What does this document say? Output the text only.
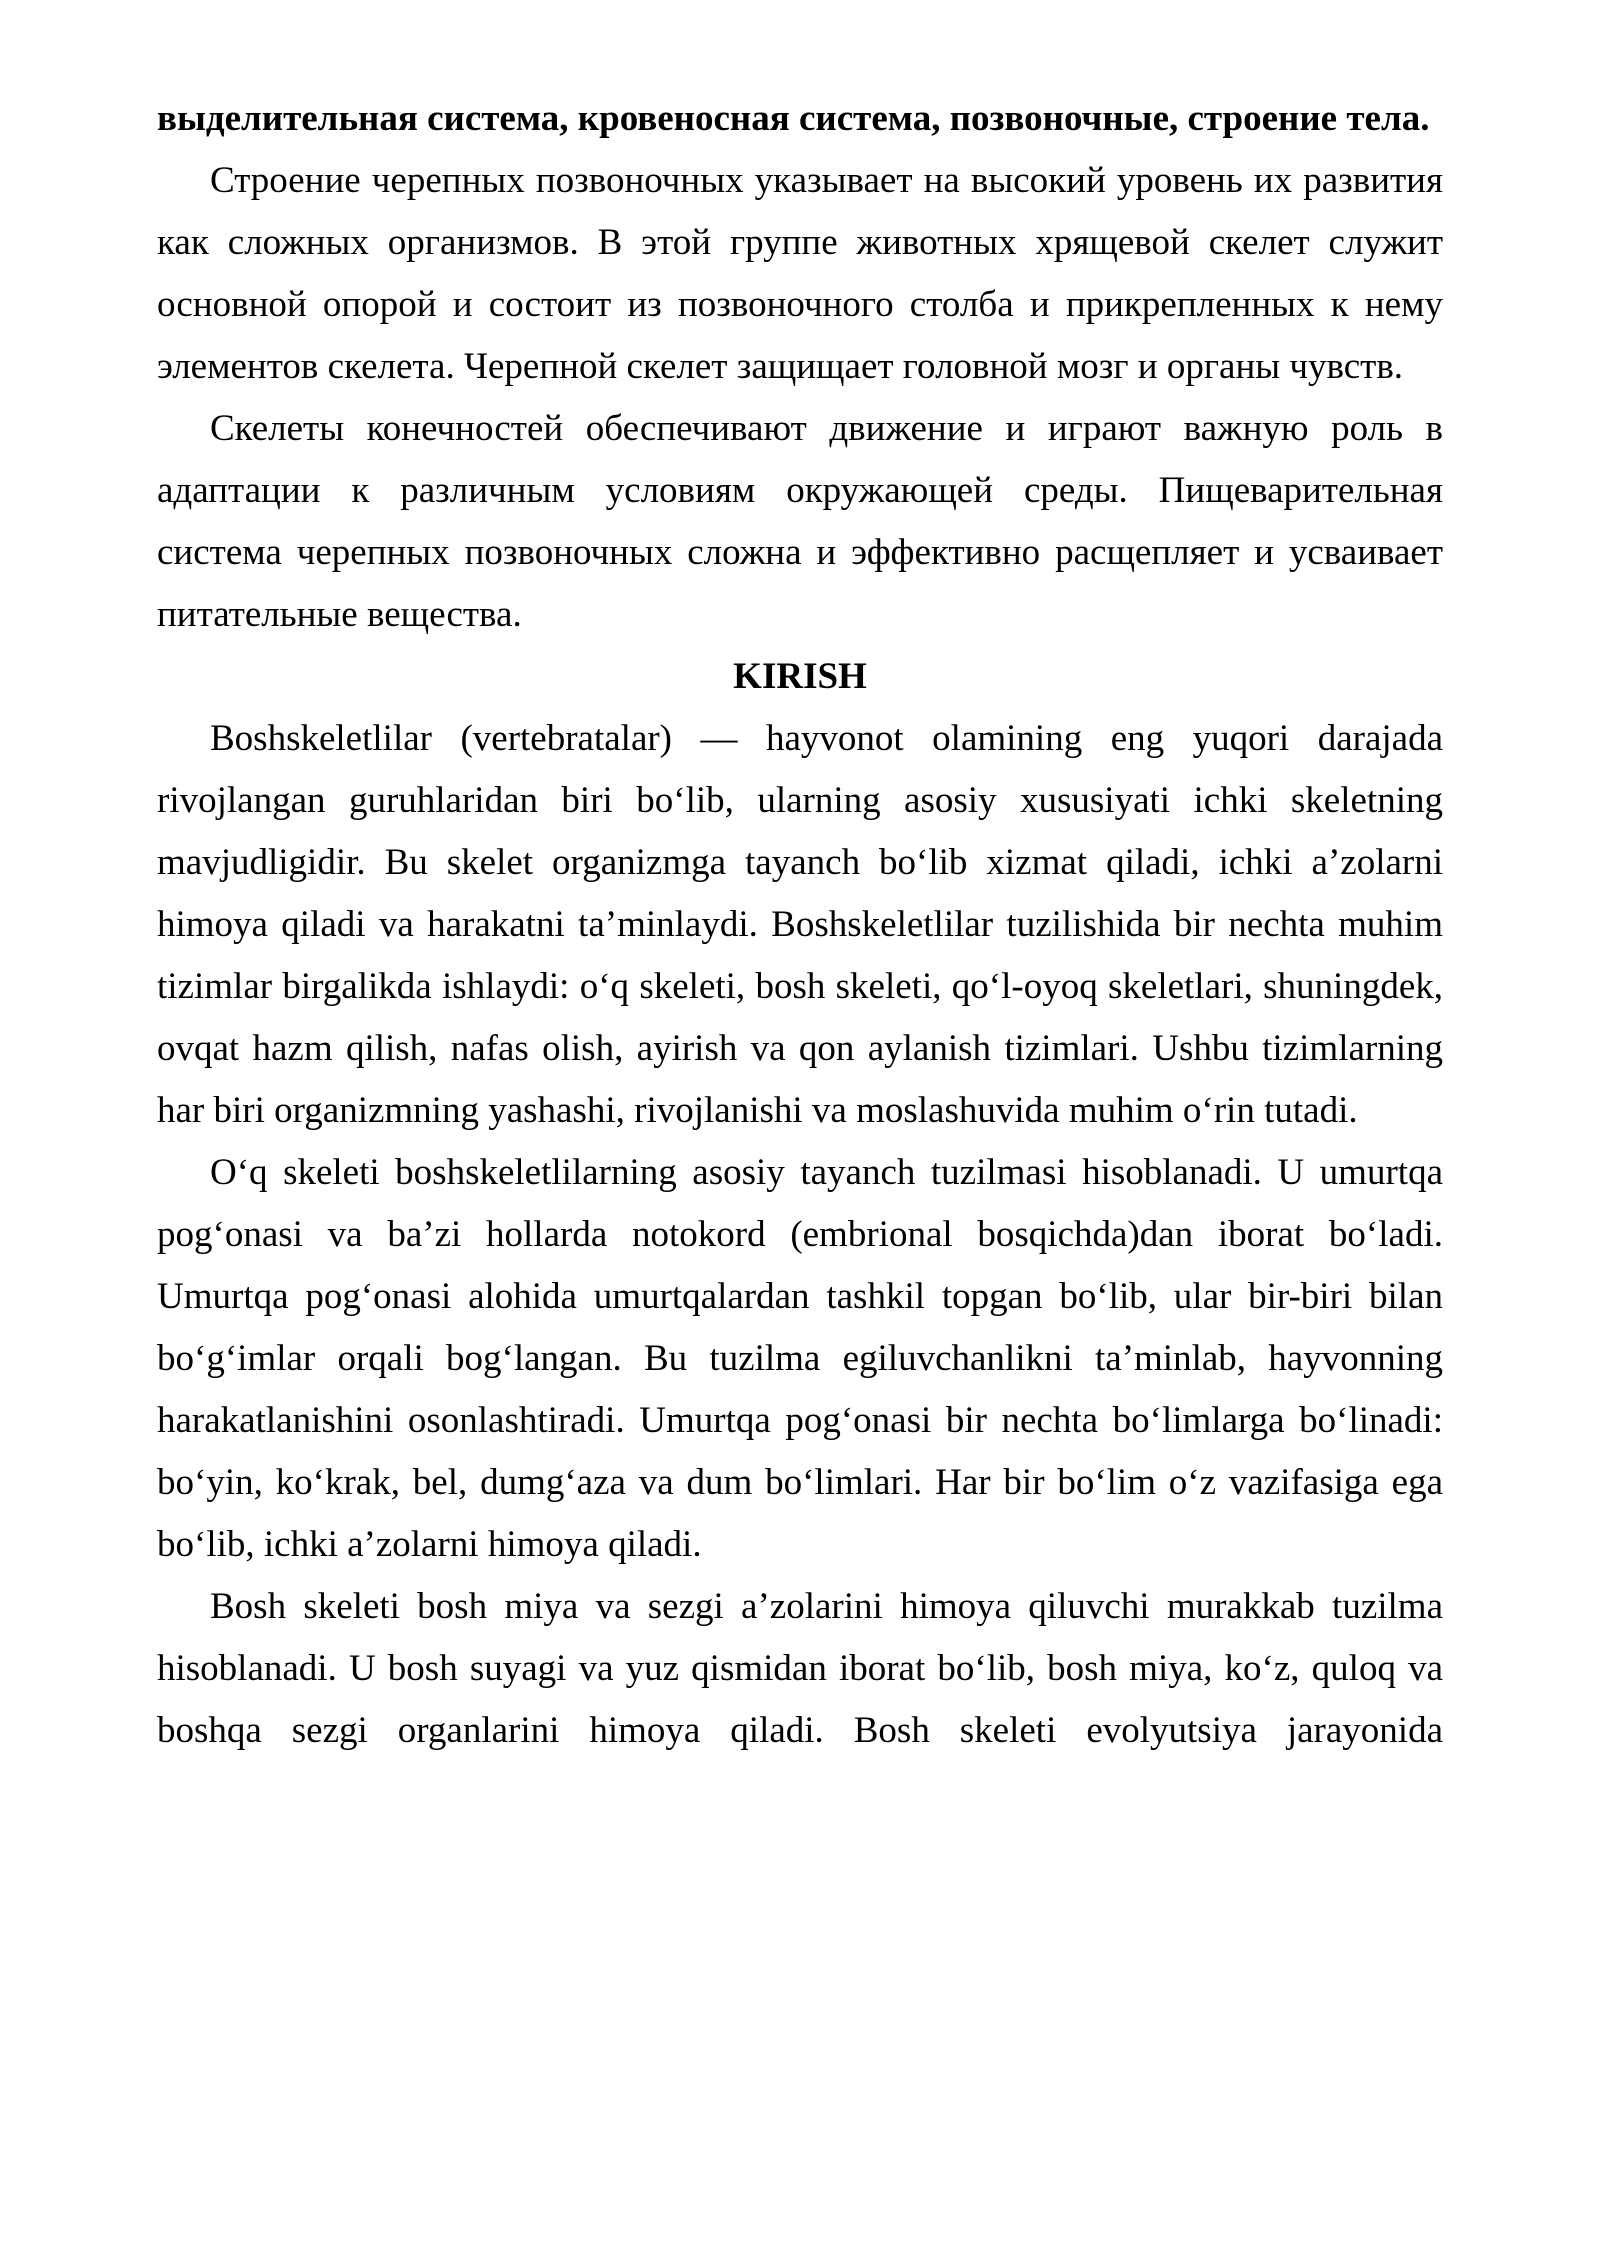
выделительная система, кровеносная система, позвоночные, строение тела.

Строение черепных позвоночных указывает на высокий уровень их развития как сложных организмов. В этой группе животных хрящевой скелет служит основной опорой и состоит из позвоночного столба и прикрепленных к нему элементов скелета. Черепной скелет защищает головной мозг и органы чувств.

Скелеты конечностей обеспечивают движение и играют важную роль в адаптации к различным условиям окружающей среды. Пищеварительная система черепных позвоночных сложна и эффективно расщепляет и усваивает питательные вещества.

KIRISH

Boshskeletlilar (vertebratalar) — hayvonot olamining eng yuqori darajada rivojlangan guruhlaridan biri boʻlib, ularning asosiy xususiyati ichki skeletning mavjudligidir. Bu skelet organizmga tayanch boʻlib xizmat qiladi, ichki a’zolarni himoya qiladi va harakatni ta’minlaydi. Boshskeletlilar tuzilishida bir nechta muhim tizimlar birgalikda ishlaydi: oʻq skeleti, bosh skeleti, qoʻl-oyoq skeletlari, shuningdek, ovqat hazm qilish, nafas olish, ayirish va qon aylanish tizimlari. Ushbu tizimlarning har biri organizmning yashashi, rivojlanishi va moslashuvida muhim oʻrin tutadi.

Oʻq skeleti boshskeletlilarning asosiy tayanch tuzilmasi hisoblanadi. U umurtqa pogʻonasi va ba’zi hollarda notokord (embrional bosqichda)dan iborat boʻladi. Umurtqa pogʻonasi alohida umurtqalardan tashkil topgan boʻlib, ular bir-biri bilan boʻgʻimlar orqali bogʻlangan. Bu tuzilma egiluvchanlikni ta’minlab, hayvonning harakatlanishini osonlashtiradi. Umurtqa pogʻonasi bir nechta boʻlimlarga boʻlinadi: boʻyin, koʻkrak, bel, dumgʻaza va dum boʻlimlari. Har bir boʻlim oʻz vazifasiga ega boʻlib, ichki a’zolarni himoya qiladi.

Bosh skeleti bosh miya va sezgi a’zolarini himoya qiluvchi murakkab tuzilma hisoblanadi. U bosh suyagi va yuz qismidan iborat boʻlib, bosh miya, koʻz, quloq va boshqa sezgi organlarini himoya qiladi. Bosh skeleti evolyutsiya jarayonida
